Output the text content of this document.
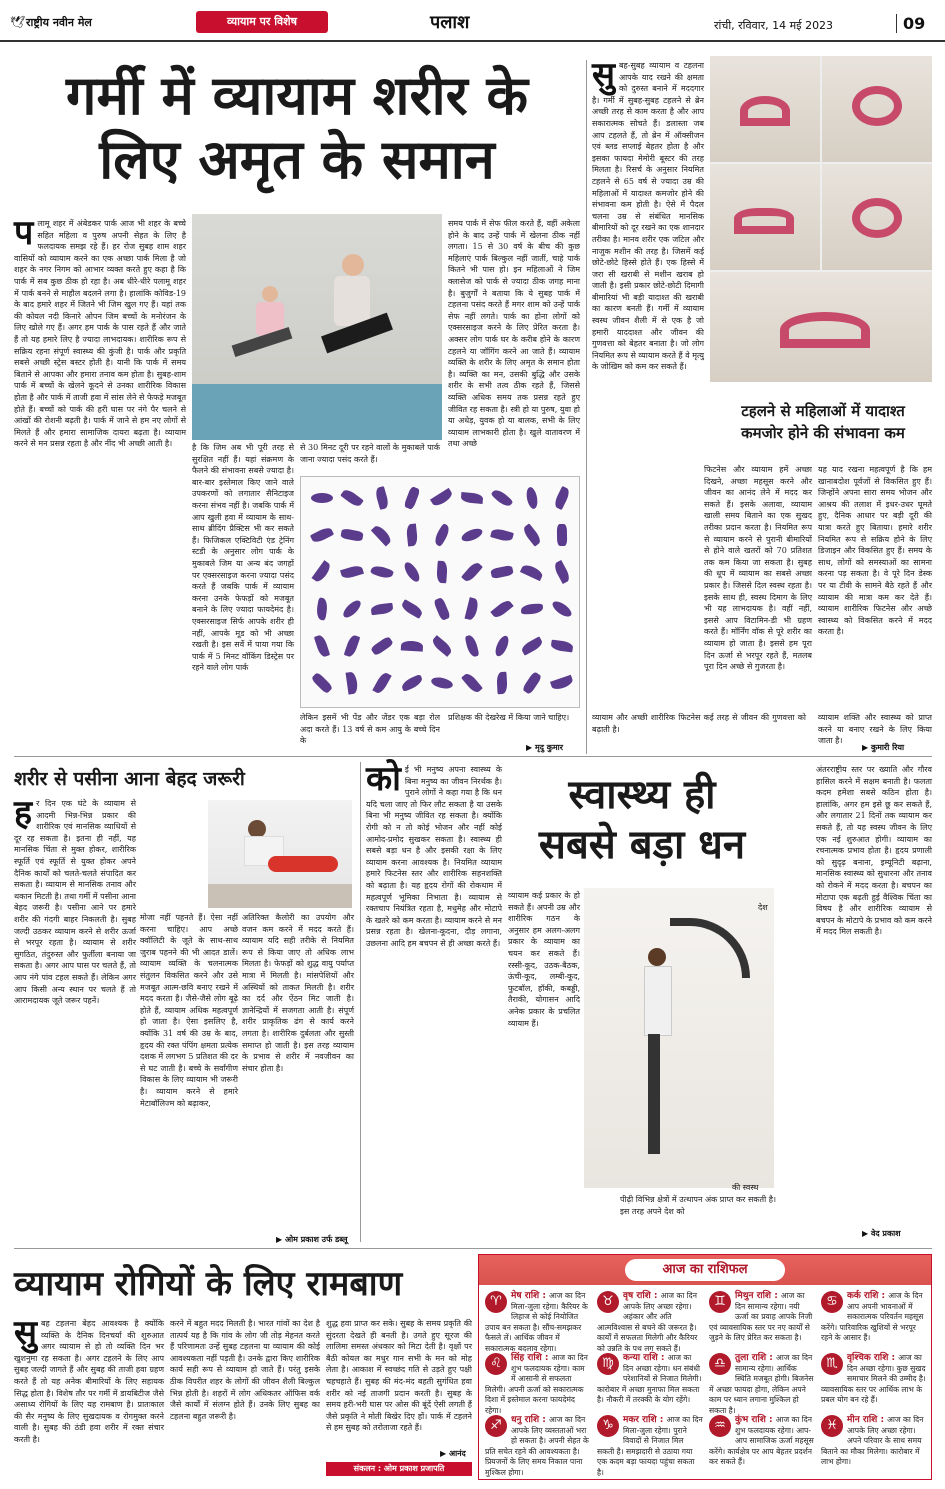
🕊 राष्ट्रीय नवीन मेल	व्यायाम पर विशेष	पलाश	रांची, रविवार, 14 मई 2023	09
गर्मी में व्यायाम शरीर के
लिए अमृत के समान
प लामू शहर में अंबेडकर पार्क आज भी शहर के बच्चे सहित महिला व पुरुष अपनी सेहत के लिए है फलदायक समझ रहे हैं। हर रोज सुबह शाम शहर वासियों को व्यायाम करने का एक अच्छा पार्क मिला है जो शहर के नगर निगम को आभार व्यक्त करते हुए कहा है कि पार्क में सब कुछ ठीक हो रहा है। अब धीरे-धीरे पलामू शहर में पार्क बनने से माहौल बदलने लगा है। हालांकि कोविड-19 के बाद हमारे शहर में जितने भी जिम खुल गए हैं। यहां तक की कोयल नदी किनारे ओपन जिम बच्चों के मनोरंजन के लिए खोले गए हैं। अगर हम पार्क के पास रहते हैं और जाते हैं तो यह हमारे लिए है ज्यादा लाभदायक। शारीरिक रूप से सक्रिय रहना संपूर्ण स्वास्थ्य की कुंजी है। पार्क और प्रकृति सबसे अच्छी स्ट्रेस बस्टर होती है। यानी कि पार्क में समय बिताने से आपका और हमारा तनाव कम होता है। सुबह-शाम पार्क में बच्चों के खेलने कूदने से उनका शारीरिक विकास होता है और पार्क में ताजी हवा में सांस लेने से फेफड़े मजबूत होते हैं। बच्चों को पार्क की हरी घास पर नंगे पैर चलने से आंखों की रोशनी बढ़ती है। पार्क में जाने से हम नए लोगों से मिलते हैं और हमारा सामाजिक दायरा बढ़ता है। व्यायाम करने से मन प्रसन्न रहता है और नींद भी अच्छी आती है।	है कि जिम अब भी पूरी तरह से सुरक्षित नहीं हैं। यहां संक्रमण के फैलने की संभावना सबसे ज्यादा है। बार-बार इस्तेमाल किए जाने वाले उपकरणों को लगातार सैनिटाइज करना संभव नहीं है। जबकि पार्क में आप खुली हवा में व्यायाम के साथ-साथ ब्रीदिंग प्रैक्टिस भी कर सकते हैं। फिजिकल एक्टिविटी एंड ट्रेनिंग स्टडी के अनुसार लोग पार्क के मुकाबले जिम या अन्य बंद जगहों पर एक्सरसाइज करना ज्यादा पसंद करते हैं जबकि पार्क में व्यायाम करना उनके फेफड़ों को मजबूत बनाने के लिए ज्यादा फायदेमंद है। एक्सरसाइज सिर्फ आपके शरीर ही नहीं, आपके मूड को भी अच्छा रखती है। इस सर्वे में पाया गया कि पार्क में 5 मिनट वॉकिंग डिस्ट्रेस पर रहने वाले लोग पार्क
से 30 मिनट दूरी पर रहने वालों के मुकाबले पार्क जाना ज्यादा पसंद करते हैं।
समय पार्क में सेफ फील करते हैं, वहीं अकेला होने के बाद उन्हें पार्क में खेलना ठीक नहीं लगता। 15 से 30 वर्ष के बीच की कुछ महिलाएं पार्क बिल्कुल नहीं जातीं, चाहे पार्क कितने भी पास हो। इन महिलाओं ने जिम क्लासेज को पार्क से ज्यादा ठीक जगह माना है। बुजुर्गों ने बताया कि ये सुबह पार्क में टहलना पसंद करते हैं मगर शाम को उन्हें पार्क सेफ नहीं लगते। पार्क का होना लोगों को एक्सरसाइज करने के लिए प्रेरित करता है। अक्सर लोग पार्क घर के करीब होने के कारण टहलने या जॉगिंग करने आ जाते हैं। व्यायाम व्यक्ति के शरीर के लिए अमृत के समान होता है। व्यक्ति का मन, उसकी बुद्धि और उसके शरीर के सभी तत्व ठीक रहते हैं, जिससे व्यक्ति अधिक समय तक प्रसन्न रहते हुए जीवित रह सकता है। स्त्री हो या पुरुष, युवा हो या अधेड़, युवक हो या बालक, सभी के लिए व्यायाम लाभकारी होता है। खुले वातावरण में तथा अच्छे
लेकिन इसमें भी पेंड और जेंडर एक बड़ा रोल अदा करते हैं। 13 वर्ष से कम आयु के बच्चे दिन के
प्रशिक्षक की देखरेख में किया जाने चाहिए।
▶ मृदु कुमार
सु बह-सुबह व्यायाम व टहलना आपके याद रखने की क्षमता को दुरुस्त बनाने में मददगार है। गर्मी में सुबह-सुबह टहलने से ब्रेन अच्छी तरह से काम करता है और आप सकारात्मक सोचते हैं। डलास्ता जब आप टहलते हैं, तो ब्रेन में ऑक्सीजन एवं ब्लड सप्लाई बेहतर होता है और इसका फायदा मेमोरी बूस्टर की तरह मिलता है। रिसर्च के अनुसार नियमित टहलने से 65 वर्ष से ज्यादा उम्र की महिलाओं में यादाश्त कमजोर होने की संभावना कम होती है। ऐसे में पैदल चलना उम्र से संबंधित मानसिक बीमारियों को दूर रखने का एक शानदार तरीका है। मानव शरीर एक जटिल और नाजुक मशीन की तरह है। जिसमें कई छोटे-छोटे हिस्से होते हैं। एक हिस्से में जरा सी खराबी से मशीन खराब हो जाती है। इसी प्रकार छोटे-छोटी दिमागी बीमारियां भी बड़ी यादाश्त की खराबी का कारण बनती हैं। गर्मी में व्यायाम स्वस्थ जीवन शैली में से एक है जो हमारी याददाश्त और जीवन की गुणवत्ता को बेहतर बनाता है। जो लोग नियमित रूप से व्यायाम करते हैं वे मृत्यु के जोखिम को कम कर सकते हैं।
टहलने से महिलाओं में यादाश्त
कमजोर होने की संभावना कम
फिटनेस और व्यायाम हमें अच्छा दिखने, अच्छा महसूस करने और जीवन का आनंद लेने में मदद कर सकते हैं। इसके अलावा, व्यायाम खाली समय बिताने का एक सुखद तरीका प्रदान करता है। नियमित रूप से व्यायाम करने से पुरानी बीमारियों से होने वाले खतरों को 70 प्रतिशत तक कम किया जा सकता है। सुबह की धूप में व्यायाम का सबसे अच्छा प्रकार है। जिससे दिल स्वस्थ रहता है। इसके साथ ही, स्वस्थ दिमाग के लिए भी यह लाभदायक है। वहीं नहीं, इससे आप विटामिन-डी भी ग्रहण करते हैं। मॉर्निंग वॉक से पूरे शरीर का व्यायाम हो जाता है। इससे हम पूरा दिन ऊर्जा से भरपूर रहते हैं, मतलब पूरा दिन अच्छे से गुजरता है।
व्यायाम और अच्छी शारीरिक फिटनेस कई तरह से जीवन की गुणवत्ता को बढ़ाती है।
यह याद रखना महत्वपूर्ण है कि हम खानाबदोश पूर्वजों से विकसित हुए हैं। जिन्होंने अपना सारा समय भोजन और आश्रय की तलाश में इधर-उधर घूमते हुए, दैनिक आधार पर बड़ी दूरी की यात्रा करते हुए बिताया। हमारे शरीर नियमित रूप से सक्रिय होने के लिए डिजाइन और विकसित हुए हैं। समय के साथ, लोगों को समस्याओं का सामना करना पड़ सकता है। वे पूरे दिन डेस्क पर या टीवी के सामने बैठे रहते हैं और व्यायाम की मात्रा कम कर देते हैं। व्यायाम शारीरिक फिटनेस और अच्छे स्वास्थ्य को विकसित करने में मदद करता है।
व्यायाम शक्ति और स्वास्थ्य को प्राप्त करने या बनाए रखने के लिए किया जाता है।
▶ कुमारी रिया
शरीर से पसीना आना बेहद जरूरी
ह र दिन एक घंटे के व्यायाम से आदमी भिन्न-भिन्न प्रकार की शारीरिक एवं मानसिक व्याधियों से दूर रह सकता है। इतना ही नहीं, यह मानसिक चिंता से मुक्त होकर, शारीरिक स्फूर्ति एवं स्फूर्ति से युक्त होकर अपने दैनिक कार्यों को चलते-चलते संपादित कर सकता है। व्यायाम से मानसिक तनाव और थकान मिटती है। तथा गर्मी में पसीना आना बेहद जरूरी है। पसीना आने पर हमारे शरीर की गंदगी बाहर निकलती है। सुबह जल्दी उठकर व्यायाम करने से शरीर ऊर्जा से भरपूर रहता है। व्यायाम से शरीर सुगठित, तंदुरुस्त और फुर्तीला बनाया जा सकता है। अगर आप घास पर चलते हैं, तो आप नंगे पांव टहल सकते हैं। लेकिन अगर आप किसी अन्य स्थान पर चलते हैं तो आरामदायक जूते जरूर पहनें।
मोजा नहीं पहनते हैं। ऐसा नहीं करना चाहिए। आप अच्छे क्वॉलिटी के जूते के साथ-साथ जुराब पहनने की भी आदत डालें। व्यायाम व्यक्ति के चलनात्मक संतुलन विकसित करने और उसे मजबूत आत्म-छवि बनाए रखने में मदद करता है। जैसे-जैसे लोग बूढ़े होते हैं, व्यायाम अधिक महत्वपूर्ण हो जाता है। ऐसा इसलिए है, क्योंकि 31 वर्ष की उम्र के बाद, हृदय की रक्त पंपिंग क्षमता प्रत्येक दशक में लगभग 5 प्रतिशत की दर से घट जाती है। बच्चे के सर्वांगीण विकास के लिए व्यायाम भी जरूरी है। व्यायाम करने से हमारे मेटाबॉलिज्म को बढ़ाकर,
अतिरिक्त कैलोरी का उपयोग और वजन कम करने में मदद करते हैं। व्यायाम यदि सही तरीके से नियमित रूप से किया जाए तो अधिक लाभ मिलता है। फेफड़ों को शुद्ध वायु पर्याप्त मात्रा में मिलती है। मांसपेशियों और अस्थियों को ताकत मिलती है। शरीर का दर्द और ऐंठन मिट जाती है। ज्ञानेन्द्रियों में सजगता आती है। संपूर्ण शरीर प्राकृतिक ढंग से कार्य करने लगता है। शारीरिक दुर्बलता और सुस्ती समाप्त हो जाती है। इस तरह व्यायाम के प्रभाव से शरीर में नवजीवन का संचार होता है।
▶ ओम प्रकाश उर्फ डब्लू
को ई भी मनुष्य अपना स्वास्थ्य के बिना मनुष्य का जीवन निरर्थक है। पुराने लोगों ने कहा गया है कि धन यदि चला जाए तो फिर लौट सकता है या उसके बिना भी मनुष्य जीवित रह सकता है। क्योंकि रोगी को न तो कोई भोजन और नहीं कोई आमोद-प्रमोद सुखकर सकता है। स्वास्थ्य ही सबसे बड़ा धन है और इसकी रक्षा के लिए व्यायाम करना आवश्यक है। नियमित व्यायाम हमारे फिटनेस स्तर और शारीरिक सहनशक्ति को बढ़ाता है। यह हृदय रोगों की रोकथाम में महत्वपूर्ण भूमिका निभाता है। व्यायाम से रक्तचाप नियंत्रित रहता है, मधुमेह और मोटापे के खतरे को कम करता है। व्यायाम करने से मन प्रसन्न रहता है। खेलना-कूदना, दौड़ लगाना, उछलना आदि हम बचपन से ही अच्छा करते हैं।
स्वास्थ्य ही
सबसे बड़ा धन
व्यायाम कई प्रकार के हो सकते हैं। अपनी उम्र और शारीरिक गठन के अनुसार हम अलग-अलग प्रकार के व्यायाम का चयन कर सकते हैं। रस्सी-कूद, उठक-बैठक, ऊंची-कूद, लम्बी-कूद, फुटबॉल, हॉकी, कबड्डी, तैराकी, योगासन आदि अनेक प्रकार के प्रचलित व्यायाम हैं।
देश
की स्वस्थ
पीढ़ी विभिन्न क्षेत्रों में उत्थापन अंक प्राप्त कर सकती है। इस तरह अपने देश को
अंतरराष्ट्रीय स्तर पर ख्याति और गौरव हासिल करने में सक्षम बनाती है। फलता कदम हमेशा सबसे कठिन होता है। हालांकि, अगर हम इसे छू कर सकते हैं, और लगातार 21 दिनों तक व्यायाम कर सकते हैं, तो यह स्वस्थ जीवन के लिए एक नई शुरुआत होगी। व्यायाम का रचनात्मक प्रभाव होता है। हृदय प्रणाली को सुदृढ़ बनाना, इम्यूनिटी बढ़ाना, मानसिक स्वास्थ्य को सुधारना और तनाव को रोकने में मदद करता है। बचपन का मोटापा एक बढ़ती हुई वैश्विक चिंता का विषय है और शारीरिक व्यायाम से बचपन के मोटापे के प्रभाव को कम करने में मदद मिल सकती है।
▶ वेद प्रकाश
व्यायाम रोगियों के लिए रामबाण
सु बह टहलना बेहद आवश्यक है क्योंकि व्यक्ति के दैनिक दिनचर्या की शुरुआत अगर व्यायाम से हो तो व्यक्ति दिन भर खुशनुमा रह सकता है। अगर टहलने के लिए आप सुबह जल्दी जागते हैं और सुबह की ताजी हवा ग्रहण करते हैं तो यह अनेक बीमारियों के लिए सहायक सिद्ध होता है। विशेष तौर पर गर्मी में डायबिटीज जैसे असाध्य रोगियों के लिए यह रामबाण है। प्रातःकाल की सैर मनुष्य के लिए सुखदायक व रोगमुक्त करने वाली है। सुबह की ठंडी हवा शरीर में रक्त संचार करती है।
करने में बहुत मदद मिलती है। भारत गांवों का देश है तात्पर्य यह है कि गांव के लोग जी तोड़ मेहनत करते हैं परिणामतः उन्हें सुबह टहलना या व्यायाम की कोई आवश्यकता नहीं पड़ती है। उनके द्वारा किए शारीरिक कार्य सही रूप से व्यायाम हो जाते हैं। परंतु इसके ठीक विपरीत शहर के लोगों की जीवन शैली बिल्कुल भिन्न होती है। शहरों में लोग अधिकतर ऑफिस वर्क जैसे कार्यों में संलग्न होते हैं। उनके लिए सुबह का टहलना बहुत जरूरी है।
शुद्ध हवा प्राप्त कर सके। सुबह के समय प्रकृति की सुंदरता देखते ही बनती है। उगते हुए सूरज की लालिमा समस्त अंधकार को मिटा देती है। वृक्षों पर बैठी कोयल का मधुर गान सभी के मन को मोह लेता है। आकाश में स्वच्छंद गति से उड़ते हुए पक्षी चहचहाते हैं। सुबह की मंद-मंद बहती सुगंधित हवा शरीर को नई ताजगी प्रदान करती है। सुबह के समय हरी-भरी घास पर ओस की बूंदें ऐसी लगती हैं जैसे प्रकृति ने मोती बिखेर दिए हों। पार्क में टहलने से हम सुबह को तरोताजा रहते हैं।
▶ आनंद
संकलन : ओम प्रकाश प्रजापति
आज का राशिफल
♈	मेष राशि : आज का दिन मिला-जुला रहेगा। कैरियर के लिहाज से कोई नियोजित उपाय बन सकता है। सौंच-समझकर फैसले लें। आर्थिक जीवन में सकारात्मक बदलाव रहेगा।
♉	वृष राशि : आज का दिन आपके लिए अच्छा रहेगा। अहंकार और अति आत्मविश्वास से बचने की जरूरत है। कार्यों में सफलता मिलेगी और कैरियर को उन्नति के पथ लग सकते हैं।
♊	मिथुन राशि : आज का दिन सामान्य रहेगा। नयी ऊर्जा का प्रवाह आपके निजी एवं व्यावसायिक स्तर पर नए कार्यों से जुड़ने के लिए प्रेरित कर सकता है।
♋	कर्क राशि : आज के दिन आप अपनी भावनाओं में सकारात्मक परिवर्तन महसूस करेंगे। पारिवारिक खुशियों से भरपूर रहने के आसार हैं।
♌	सिंह राशि : आज का दिन शुभ फलदायक रहेगा। काम में आसानी से सफलता मिलेगी। अपनी ऊर्जा को सकारात्मक दिशा में इस्तेमाल करना फायदेमंद रहेगा।
♍	कन्या राशि : आज का दिन अच्छा रहेगा। धन संबंधी परेशानियों से निजात मिलेगी। कारोबार में अच्छा मुनाफा मिल सकता है। नौकरी में तरक्की के योग रहेंगे।
♎	तुला राशि : आज का दिन सामान्य रहेगा। आर्थिक स्थिति मजबूत होगी। बिजनेस में अच्छा फायदा होगा, लेकिन अपने काम पर ध्यान लगाना मुश्किल हो सकता है।
♏	वृश्चिक राशि : आज का दिन अच्छा रहेगा। कुछ सुखद समाचार मिलने की उम्मीद है। व्यावसायिक स्तर पर आर्थिक लाभ के प्रबल योग बन रहे हैं।
♐	धनु राशि : आज का दिन आपके लिए व्यस्तताओं भरा हो सकता है। अपनी सेहत के प्रति सचेत रहने की आवश्यकता है। प्रियजनों के लिए समय निकाल पाना मुश्किल होगा।
♑	मकर राशि : आज का दिन मिला-जुला रहेगा। पुराने विवादों से निजात मिल सकती है। समझदारी से उठाया गया एक कदम बड़ा फायदा पहुंचा सकता है।
♒	कुंभ राशि : आज का दिन शुभ फलदायक रहेगा। आप-आप सामाजिक ऊर्जा महसूस करेंगे। कार्यक्षेत्र पर आप बेहतर प्रदर्शन कर सकते हैं।
♓	मीन राशि : आज का दिन आपके लिए अच्छा रहेगा। अपने परिवार के साथ समय बिताने का मौका मिलेगा। कारोबार में लाभ होगा।
